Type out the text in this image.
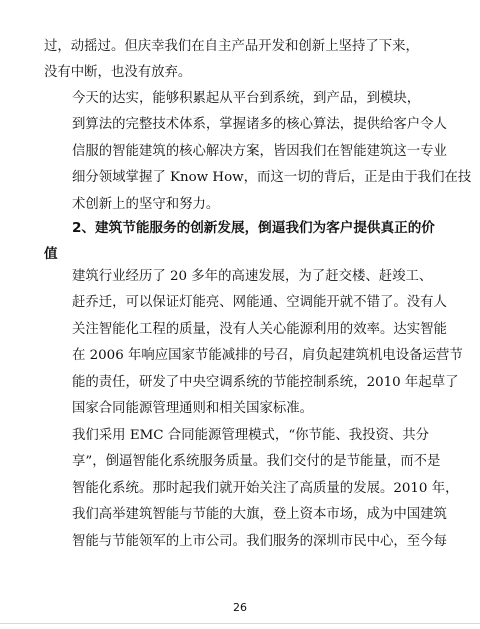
过，动摇过。但庆幸我们在自主产品开发和创新上坚持了下来，
没有中断，也没有放弃。

今天的达实，能够积累起从平台到系统，到产品，到模块，
到算法的完整技术体系，掌握诸多的核心算法，提供给客户令人
信服的智能建筑的核心解决方案，皆因我们在智能建筑这一专业
细分领域掌握了 Know How，而这一切的背后，正是由于我们在技
术创新上的坚守和努力。

2、建筑节能服务的创新发展，倒逼我们为客户提供真正的价
值

建筑行业经历了 20 多年的高速发展，为了赶交楼、赶竣工、
赶乔迁，可以保证灯能亮、网能通、空调能开就不错了。没有人
关注智能化工程的质量，没有人关心能源利用的效率。达实智能
在 2006 年响应国家节能减排的号召，肩负起建筑机电设备运营节
能的责任，研发了中央空调系统的节能控制系统，2010 年起草了
国家合同能源管理通则和相关国家标准。

我们采用 EMC 合同能源管理模式，“你节能、我投资、共分
享”，倒逼智能化系统服务质量。我们交付的是节能量，而不是
智能化系统。那时起我们就开始关注了高质量的发展。2010 年，
我们高举建筑智能与节能的大旗，登上资本市场，成为中国建筑
智能与节能领军的上市公司。我们服务的深圳市民中心，至今每

26
